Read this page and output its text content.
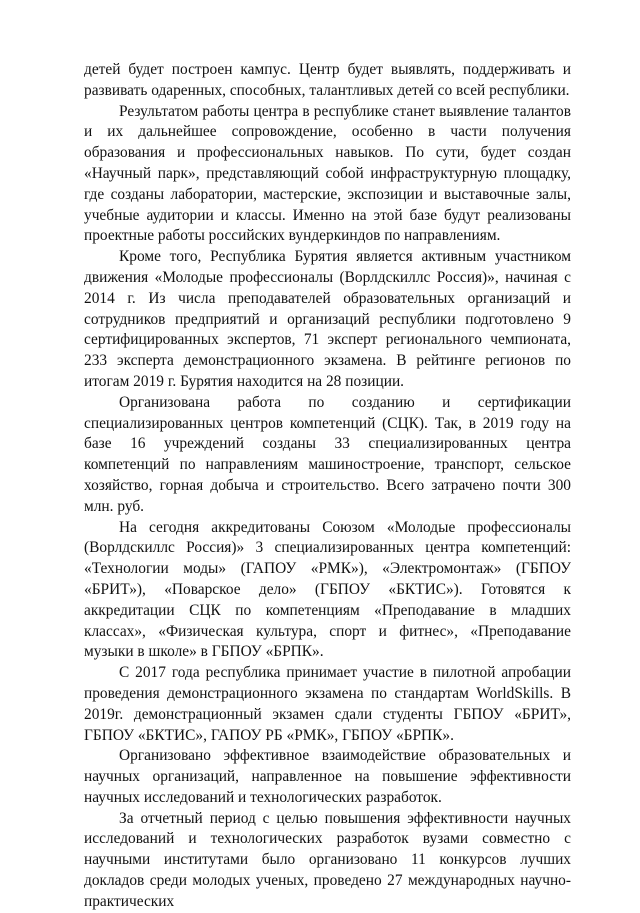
детей будет построен кампус. Центр будет выявлять, поддерживать и развивать одаренных, способных, талантливых детей со всей республики.

Результатом работы центра в республике станет выявление талантов и их дальнейшее сопровождение, особенно в части получения образования и профессиональных навыков. По сути, будет создан «Научный парк», представляющий собой инфраструктурную площадку, где созданы лаборатории, мастерские, экспозиции и выставочные залы, учебные аудитории и классы. Именно на этой базе будут реализованы проектные работы российских вундеркиндов по направлениям.

Кроме того, Республика Бурятия является активным участником движения «Молодые профессионалы (Ворлдскиллс Россия)», начиная с 2014 г. Из числа преподавателей образовательных организаций и сотрудников предприятий и организаций республики подготовлено 9 сертифицированных экспертов, 71 эксперт регионального чемпионата, 233 эксперта демонстрационного экзамена. В рейтинге регионов по итогам 2019 г. Бурятия находится на 28 позиции.

Организована работа по созданию и сертификации специализированных центров компетенций (СЦК). Так, в 2019 году на базе 16 учреждений созданы 33 специализированных центра компетенций по направлениям машиностроение, транспорт, сельское хозяйство, горная добыча и строительство. Всего затрачено почти 300 млн. руб.

На сегодня аккредитованы Союзом «Молодые профессионалы (Ворлдскиллс Россия)» 3 специализированных центра компетенций: «Технологии моды» (ГАПОУ «РМК»), «Электромонтаж» (ГБПОУ «БРИТ»), «Поварское дело» (ГБПОУ «БКТИС»). Готовятся к аккредитации СЦК по компетенциям «Преподавание в младших классах», «Физическая культура, спорт и фитнес», «Преподавание музыки в школе» в ГБПОУ «БРПК».

С 2017 года республика принимает участие в пилотной апробации проведения демонстрационного экзамена по стандартам WorldSkills. В 2019г. демонстрационный экзамен сдали студенты ГБПОУ «БРИТ», ГБПОУ «БКТИС», ГАПОУ РБ «РМК», ГБПОУ «БРПК».

Организовано эффективное взаимодействие образовательных и научных организаций, направленное на повышение эффективности научных исследований и технологических разработок.

За отчетный период с целью повышения эффективности научных исследований и технологических разработок вузами совместно с научными институтами было организовано 11 конкурсов лучших докладов среди молодых ученых, проведено 27 международных научно-практических
